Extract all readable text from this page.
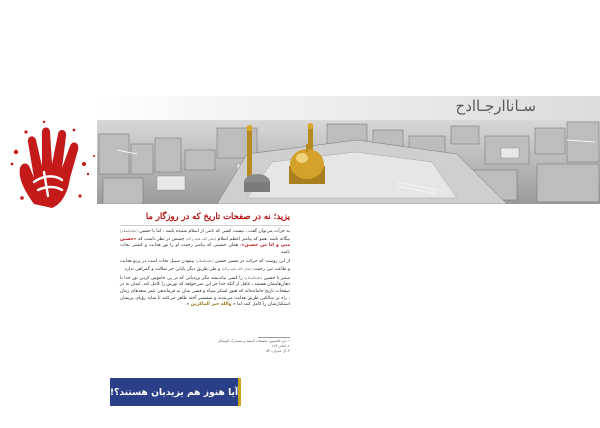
سـاناارجـاادح
یزید؛ نه در صفحات تاریخ که در روزگار ما

به جرأت می‌توان گفت ، نیست کسی که نامی از اسلام شنیده باشد ، اما با حسین (علیه‌السلام) بیگانه باشد. همو که پیامبر اعظم اسلام (صلی الله علیه و آله) چنینش در نظر داشت که «حسین منی و انا من حسین»، همان حسینی که پیامبر رحمت او را نور هدایت و کشتی نجات نامید.

از این روست که حرکت در مسیر حسین (علیه‌السلام) پیمودن سبیل نجات است در پرتو هدایت و طاعت نبی رحمت (صلی الله علیه و آله) و طی طریق دیگر پایانی جز ضلالت و گمراهی ندارد.

ستیز با حسین (علیه‌السلام) را کسی نیاندیشد مگر یزیدیانی که در پی خاموش کردن نور خدا با دهان‌هایشان هستند ، غافل از آنکه خدا جز این نمی‌خواهد که نورش را کامل کند. ایمان نه در صفحات تاریخ جامانده‌اند که هنوز لشکر سپاه و قسی شان به فرماندهی عمر سعدهای زمان ، راه بر سالکین طریق هدایت می‌بندند و شمشیر آخته ظاهر می‌کنند تا شاید رؤیای پریشان استکبارشان را کامل کنند اما « والله خیر الماکرین ».

۱. ابن الحسین، مصنفات المفید و مستدرک الوسائل
۲. انعام، ۱۲۴
۳. آل عمران، ۵۴
آیا هنوز هم یزیدیان هستند؟!
